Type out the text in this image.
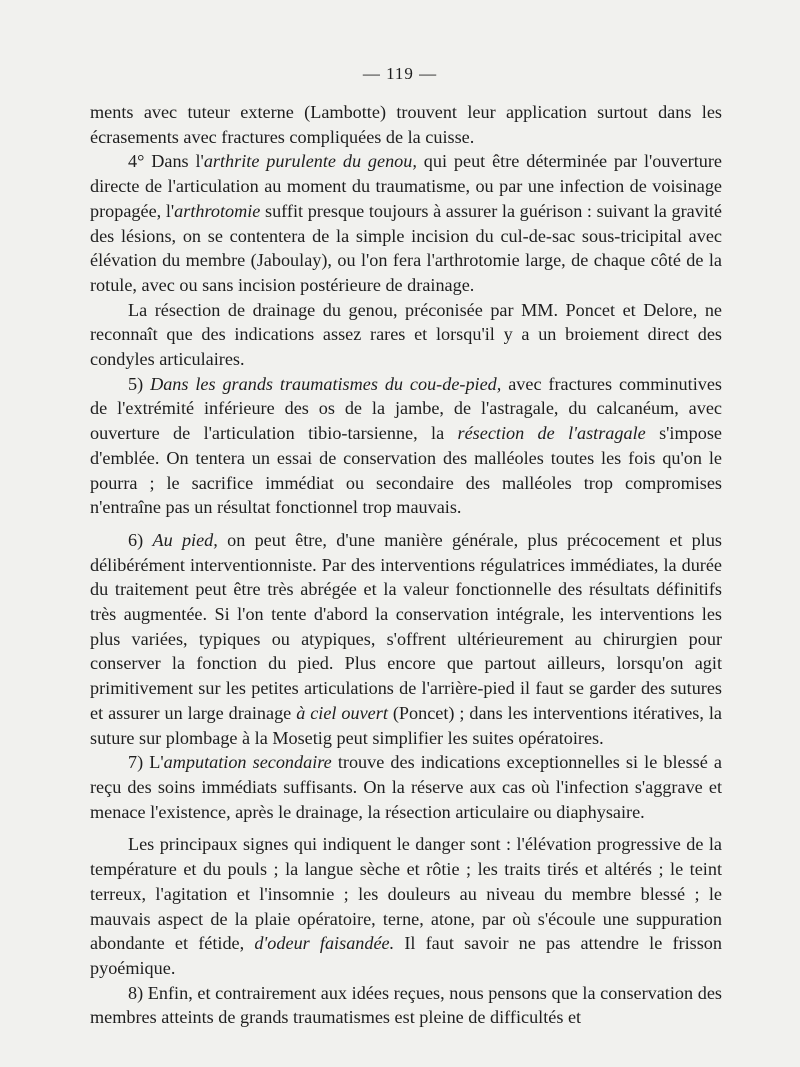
— 119 —

ments avec tuteur externe (Lambotte) trouvent leur application surtout dans les écrasements avec fractures compliquées de la cuisse.

4° Dans l'arthrite purulente du genou, qui peut être déterminée par l'ouverture directe de l'articulation au moment du traumatisme, ou par une infection de voisinage propagée, l'arthrotomie suffit presque toujours à assurer la guérison : suivant la gravité des lésions, on se contentera de la simple incision du cul-de-sac sous-tricipital avec élévation du membre (Jaboulay), ou l'on fera l'arthrotomie large, de chaque côté de la rotule, avec ou sans incision postérieure de drainage.

La résection de drainage du genou, préconisée par MM. Poncet et Delore, ne reconnaît que des indications assez rares et lorsqu'il y a un broiement direct des condyles articulaires.

5) Dans les grands traumatismes du cou-de-pied, avec fractures comminutives de l'extrémité inférieure des os de la jambe, de l'astragale, du calcanéum, avec ouverture de l'articulation tibio-tarsienne, la résection de l'astragale s'impose d'emblée. On tentera un essai de conservation des malléoles toutes les fois qu'on le pourra ; le sacrifice immédiat ou secondaire des malléoles trop compromises n'entraîne pas un résultat fonctionnel trop mauvais.

6) Au pied, on peut être, d'une manière générale, plus précocement et plus délibérément interventionniste. Par des interventions régulatrices immédiates, la durée du traitement peut être très abrégée et la valeur fonctionnelle des résultats définitifs très augmentée. Si l'on tente d'abord la conservation intégrale, les interventions les plus variées, typiques ou atypiques, s'offrent ultérieurement au chirurgien pour conserver la fonction du pied. Plus encore que partout ailleurs, lorsqu'on agit primitivement sur les petites articulations de l'arrière-pied il faut se garder des sutures et assurer un large drainage à ciel ouvert (Poncet) ; dans les interventions itératives, la suture sur plombage à la Mosetig peut simplifier les suites opératoires.

7) L'amputation secondaire trouve des indications exceptionnelles si le blessé a reçu des soins immédiats suffisants. On la réserve aux cas où l'infection s'aggrave et menace l'existence, après le drainage, la résection articulaire ou diaphysaire.

Les principaux signes qui indiquent le danger sont : l'élévation progressive de la température et du pouls ; la langue sèche et rôtie ; les traits tirés et altérés ; le teint terreux, l'agitation et l'insomnie ; les douleurs au niveau du membre blessé ; le mauvais aspect de la plaie opératoire, terne, atone, par où s'écoule une suppuration abondante et fétide, d'odeur faisandée. Il faut savoir ne pas attendre le frisson pyoémique.

8) Enfin, et contrairement aux idées reçues, nous pensons que la conservation des membres atteints de grands traumatismes est pleine de difficultés et
